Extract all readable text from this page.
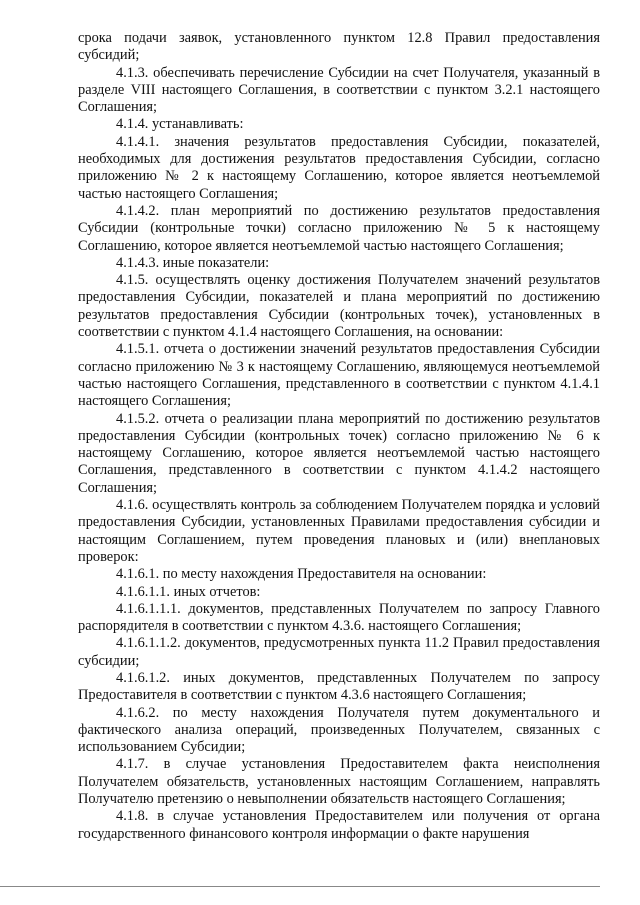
срока подачи заявок, установленного пунктом 12.8 Правил предоставления субсидий;

4.1.3. обеспечивать перечисление Субсидии на счет Получателя, указанный в разделе VIII настоящего Соглашения, в соответствии с пунктом 3.2.1 настоящего Соглашения;

4.1.4. устанавливать:

4.1.4.1. значения результатов предоставления Субсидии, показателей, необходимых для достижения результатов предоставления Субсидии, согласно приложению № 2 к настоящему Соглашению, которое является неотъемлемой частью настоящего Соглашения;

4.1.4.2. план мероприятий по достижению результатов предоставления Субсидии (контрольные точки) согласно приложению № 5 к настоящему Соглашению, которое является неотъемлемой частью настоящего Соглашения;

4.1.4.3. иные показатели:

4.1.5. осуществлять оценку достижения Получателем значений результатов предоставления Субсидии, показателей и плана мероприятий по достижению результатов предоставления Субсидии (контрольных точек), установленных в соответствии с пунктом 4.1.4 настоящего Соглашения, на основании:

4.1.5.1. отчета о достижении значений результатов предоставления Субсидии согласно приложению № 3 к настоящему Соглашению, являющемуся неотъемлемой частью настоящего Соглашения, представленного в соответствии с пунктом 4.1.4.1 настоящего Соглашения;

4.1.5.2. отчета о реализации плана мероприятий по достижению результатов предоставления Субсидии (контрольных точек) согласно приложению № 6 к настоящему Соглашению, которое является неотъемлемой частью настоящего Соглашения, представленного в соответствии с пунктом 4.1.4.2 настоящего Соглашения;

4.1.6. осуществлять контроль за соблюдением Получателем порядка и условий предоставления Субсидии, установленных Правилами предоставления субсидии и настоящим Соглашением, путем проведения плановых и (или) внеплановых проверок:

4.1.6.1. по месту нахождения Предоставителя на основании:

4.1.6.1.1. иных отчетов:

4.1.6.1.1.1. документов, представленных Получателем по запросу Главного распорядителя в соответствии с пунктом 4.3.6. настоящего Соглашения;

4.1.6.1.1.2. документов, предусмотренных пункта 11.2 Правил предоставления субсидии;

4.1.6.1.2. иных документов, представленных Получателем по запросу Предоставителя в соответствии с пунктом 4.3.6 настоящего Соглашения;

4.1.6.2. по месту нахождения Получателя путем документального и фактического анализа операций, произведенных Получателем, связанных с использованием Субсидии;

4.1.7. в случае установления Предоставителем факта неисполнения Получателем обязательств, установленных настоящим Соглашением, направлять Получателю претензию о невыполнении обязательств настоящего Соглашения;

4.1.8. в случае установления Предоставителем или получения от органа государственного финансового контроля информации о факте нарушения
